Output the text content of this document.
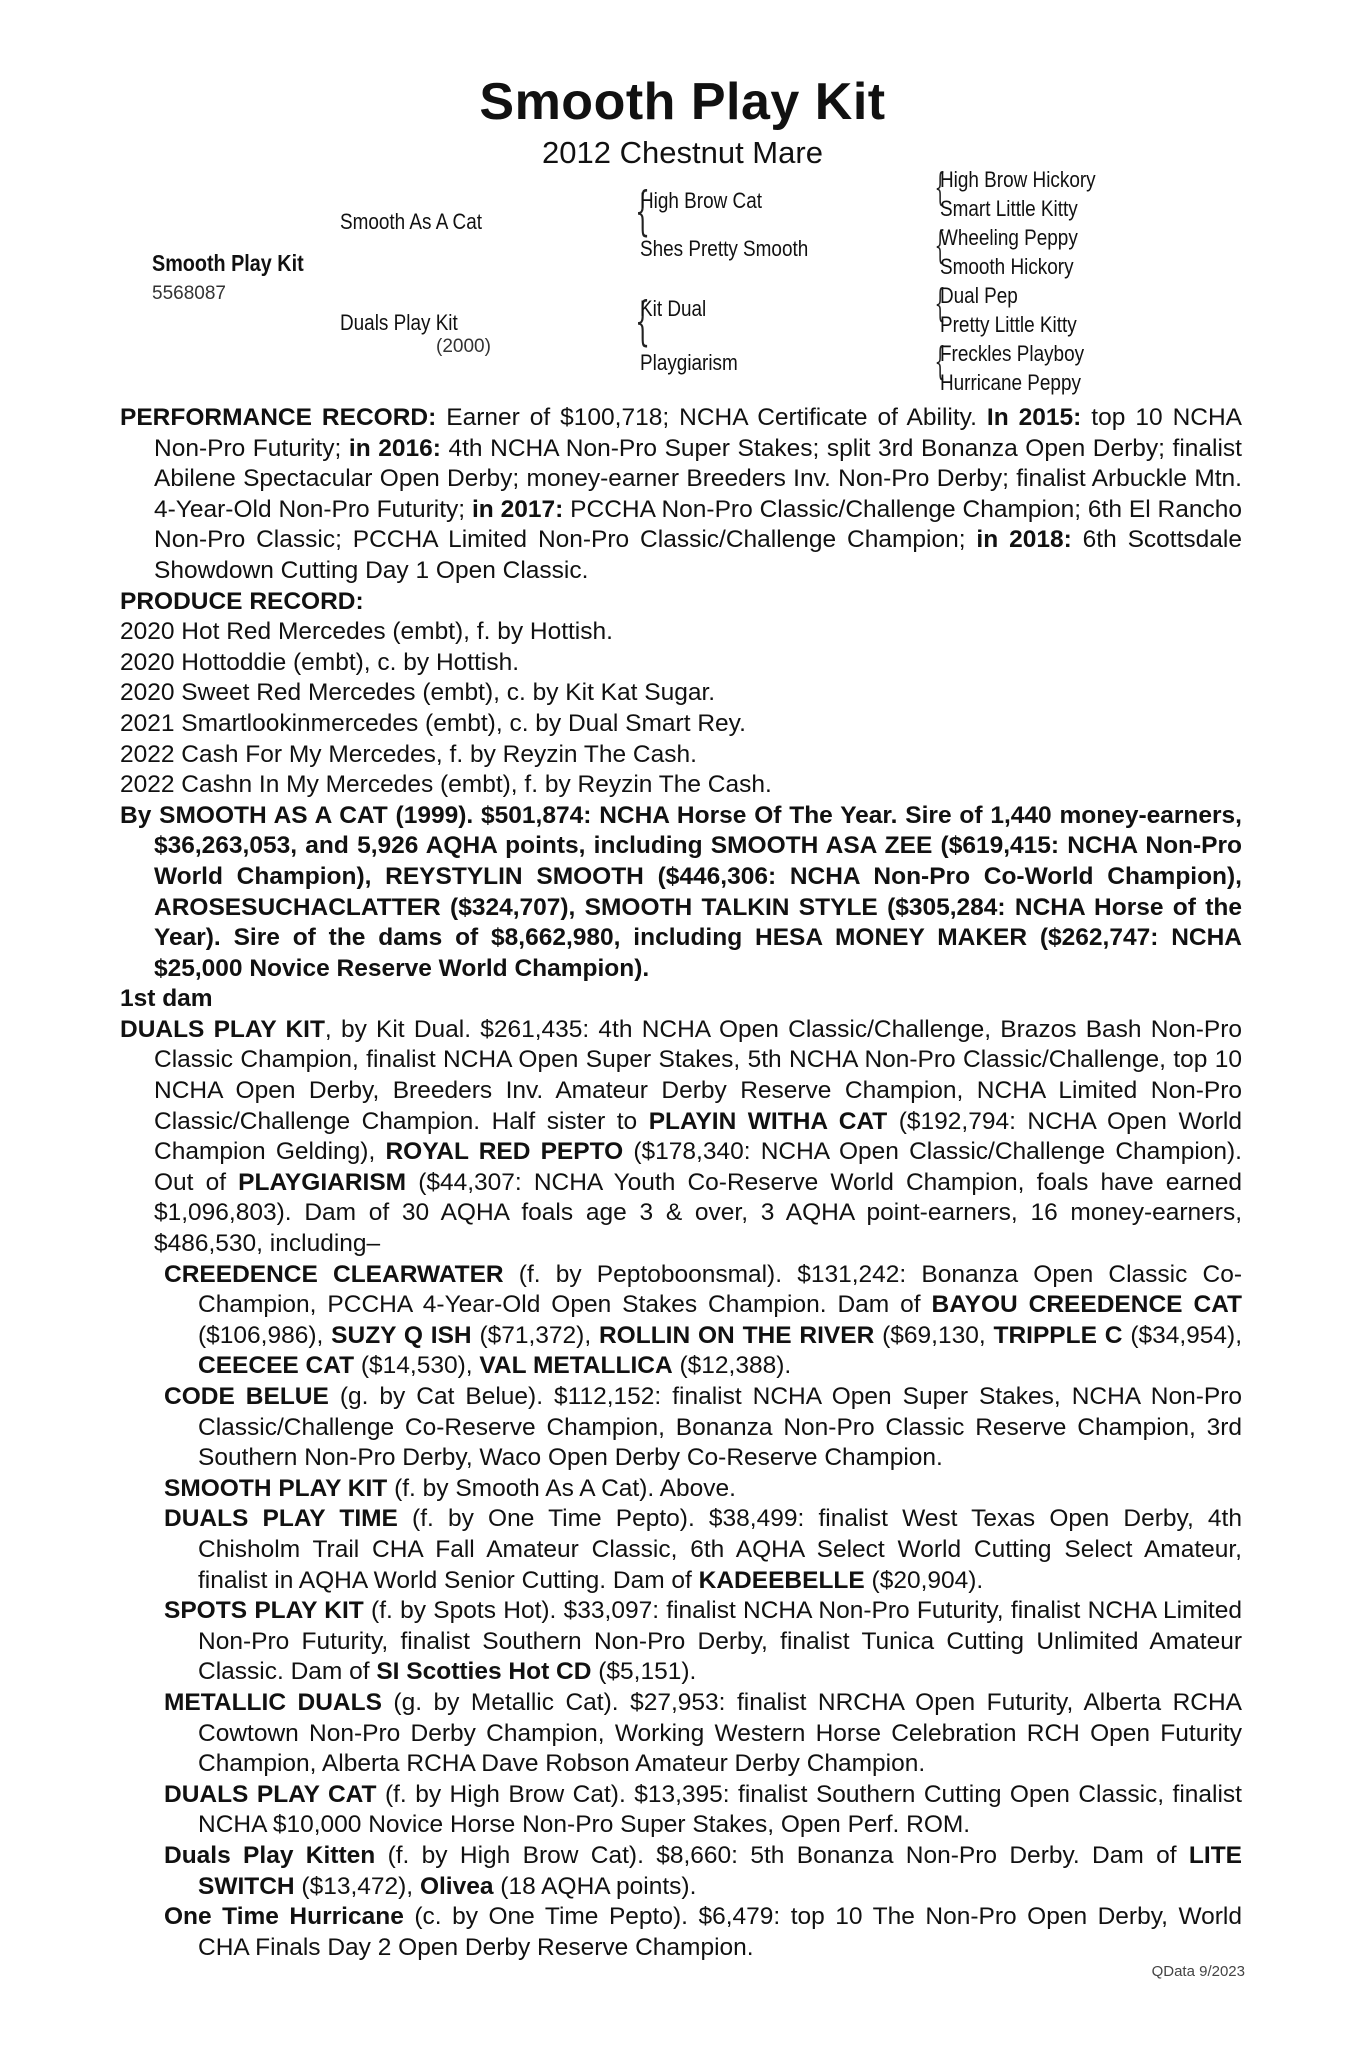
Smooth Play Kit
2012 Chestnut Mare
Smooth Play Kit
5568087
Smooth As A Cat
Duals Play Kit
(2000)
{
High Brow Cat
Shes Pretty Smooth
{
Kit Dual
Playgiarism
{
{
{
{
High Brow Hickory
Smart Little Kitty
Wheeling Peppy
Smooth Hickory
Dual Pep
Pretty Little Kitty
Freckles Playboy
Hurricane Peppy

PERFORMANCE RECORD: Earner of $100,718; NCHA Certificate of Ability. In 2015: top 10 NCHA Non-Pro Futurity; in 2016: 4th NCHA Non-Pro Super Stakes; split 3rd Bonanza Open Derby; finalist Abilene Spectacular Open Derby; money-earner Breeders Inv. Non-Pro Derby; finalist Arbuckle Mtn. 4-Year-Old Non-Pro Futurity; in 2017: PCCHA Non-Pro Classic/Challenge Champion; 6th El Rancho Non-Pro Classic; PCCHA Limited Non-Pro Classic/Challenge Champion; in 2018: 6th Scottsdale Showdown Cutting Day 1 Open Classic.

PRODUCE RECORD:

2020 Hot Red Mercedes (embt), f. by Hottish.

2020 Hottoddie (embt), c. by Hottish.

2020 Sweet Red Mercedes (embt), c. by Kit Kat Sugar.

2021 Smartlookinmercedes (embt), c. by Dual Smart Rey.

2022 Cash For My Mercedes, f. by Reyzin The Cash.

2022 Cashn In My Mercedes (embt), f. by Reyzin The Cash.

By SMOOTH AS A CAT (1999). $501,874: NCHA Horse Of The Year. Sire of 1,440 money-earners, $36,263,053, and 5,926 AQHA points, including SMOOTH ASA ZEE ($619,415: NCHA Non-Pro World Champion), REYSTYLIN SMOOTH ($446,306: NCHA Non-Pro Co-World Champion), AROSESUCHACLATTER ($324,707), SMOOTH TALKIN STYLE ($305,284: NCHA Horse of the Year). Sire of the dams of $8,662,980, including HESA MONEY MAKER ($262,747: NCHA $25,000 Novice Reserve World Champion).

1st dam

DUALS PLAY KIT, by Kit Dual. $261,435: 4th NCHA Open Classic/Challenge, Brazos Bash Non-Pro Classic Champion, finalist NCHA Open Super Stakes, 5th NCHA Non-Pro Classic/Challenge, top 10 NCHA Open Derby, Breeders Inv. Amateur Derby Reserve Champion, NCHA Limited Non-Pro Classic/Challenge Champion. Half sister to PLAYIN WITHA CAT ($192,794: NCHA Open World Champion Gelding), ROYAL RED PEPTO ($178,340: NCHA Open Classic/Challenge Champion). Out of PLAYGIARISM ($44,307: NCHA Youth Co-Reserve World Champion, foals have earned $1,096,803). Dam of 30 AQHA foals age 3 & over, 3 AQHA point-earners, 16 money-earners, $486,530, including–

CREEDENCE CLEARWATER (f. by Peptoboonsmal). $131,242: Bonanza Open Classic Co-Champion, PCCHA 4-Year-Old Open Stakes Champion. Dam of BAYOU CREEDENCE CAT ($106,986), SUZY Q ISH ($71,372), ROLLIN ON THE RIVER ($69,130, TRIPPLE C ($34,954), CEECEE CAT ($14,530), VAL METALLICA ($12,388).

CODE BELUE (g. by Cat Belue). $112,152: finalist NCHA Open Super Stakes, NCHA Non-Pro Classic/Challenge Co-Reserve Champion, Bonanza Non-Pro Classic Reserve Champion, 3rd Southern Non-Pro Derby, Waco Open Derby Co-Reserve Champion.

SMOOTH PLAY KIT (f. by Smooth As A Cat). Above.

DUALS PLAY TIME (f. by One Time Pepto). $38,499: finalist West Texas Open Derby, 4th Chisholm Trail CHA Fall Amateur Classic, 6th AQHA Select World Cutting Select Amateur, finalist in AQHA World Senior Cutting. Dam of KADEEBELLE ($20,904).

SPOTS PLAY KIT (f. by Spots Hot). $33,097: finalist NCHA Non-Pro Futurity, finalist NCHA Limited Non-Pro Futurity, finalist Southern Non-Pro Derby, finalist Tunica Cutting Unlimited Amateur Classic. Dam of SI Scotties Hot CD ($5,151).

METALLIC DUALS (g. by Metallic Cat). $27,953: finalist NRCHA Open Futurity, Alberta RCHA Cowtown Non-Pro Derby Champion, Working Western Horse Celebration RCH Open Futurity Champion, Alberta RCHA Dave Robson Amateur Derby Champion.

DUALS PLAY CAT (f. by High Brow Cat). $13,395: finalist Southern Cutting Open Classic, finalist NCHA $10,000 Novice Horse Non-Pro Super Stakes, Open Perf. ROM.

Duals Play Kitten (f. by High Brow Cat). $8,660: 5th Bonanza Non-Pro Derby. Dam of LITE SWITCH ($13,472), Olivea (18 AQHA points).

One Time Hurricane (c. by One Time Pepto). $6,479: top 10 The Non-Pro Open Derby, World CHA Finals Day 2 Open Derby Reserve Champion.

QData 9/2023
